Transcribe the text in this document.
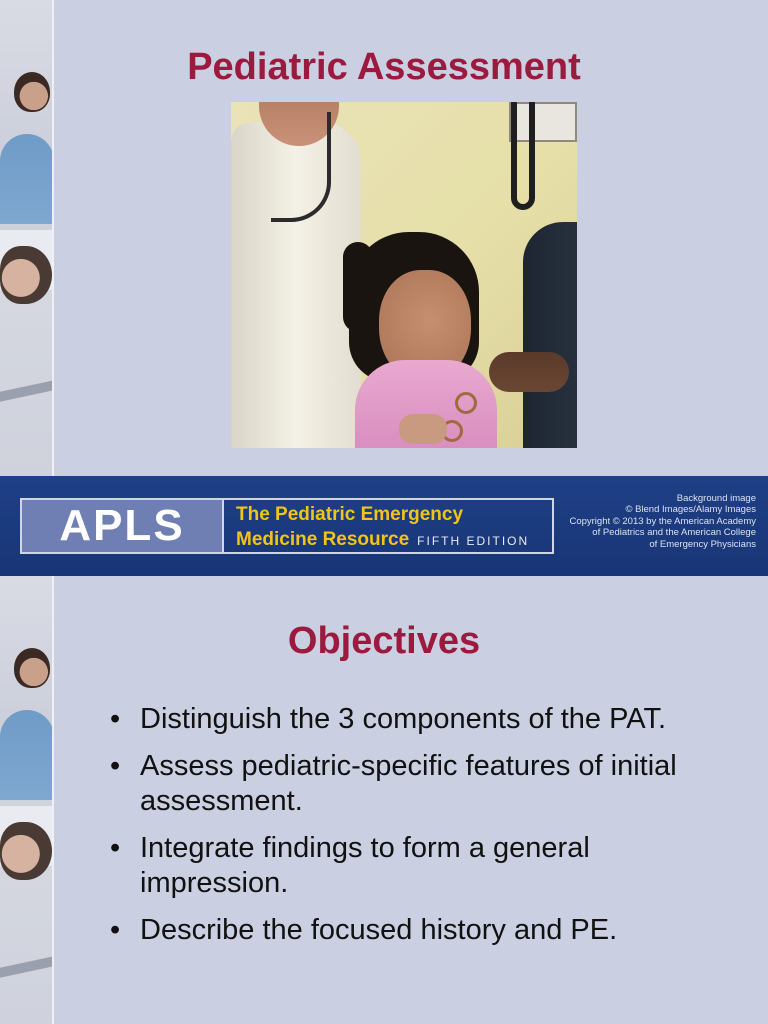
Pediatric Assessment
APLS	The Pediatric Emergency
Medicine Resource FIFTH EDITION
Background image
© Blend Images/Alamy Images
Copyright © 2013 by the American Academy
of Pediatrics and the American College
of Emergency Physicians
Objectives
• Distinguish the 3 components of the PAT.
• Assess pediatric-specific features of initial assessment.
• Integrate findings to form a general impression.
• Describe the focused history and PE.
